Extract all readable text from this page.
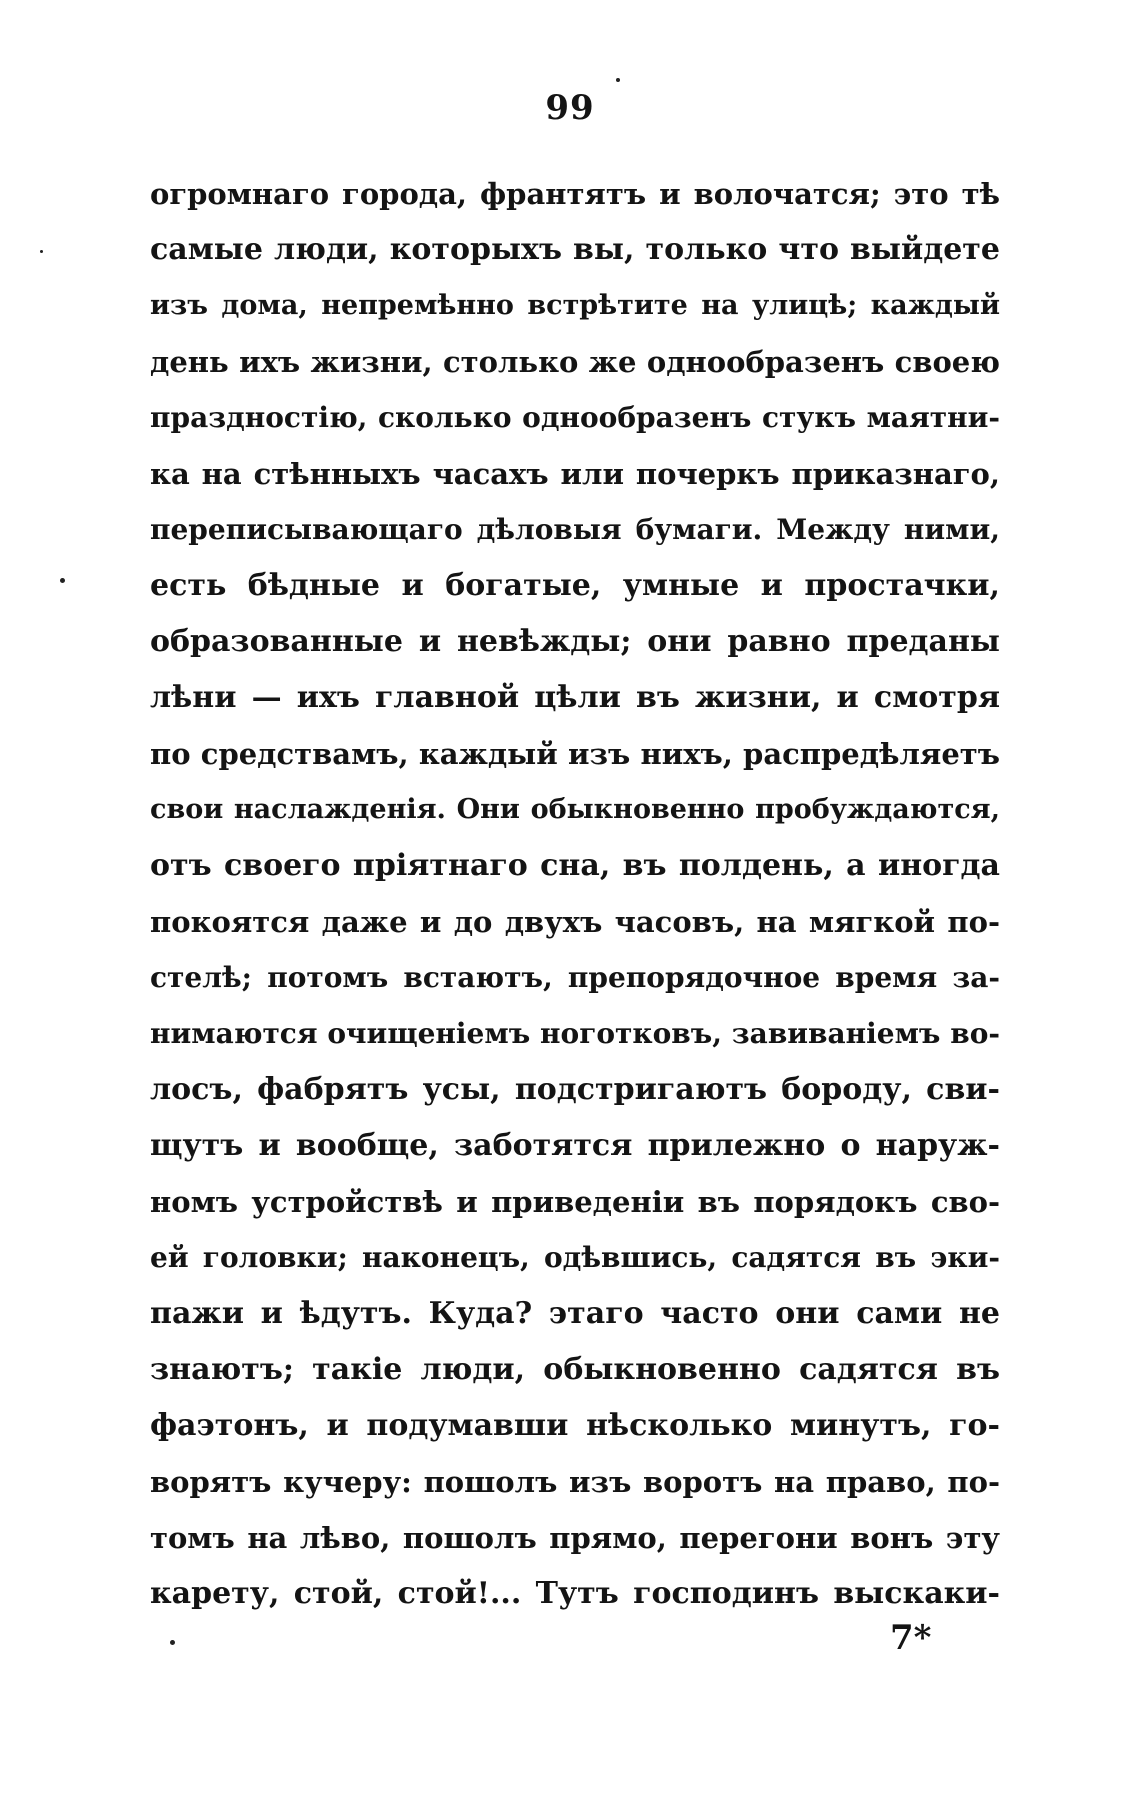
99
огромнаго города, франтятъ и волочатся; это тѣ
самые люди, которыхъ вы, только что выйдете
изъ дома, непремѣнно встрѣтите на улицѣ; каждый
день ихъ жизни, столько же однообразенъ своею
праздностію, сколько однообразенъ стукъ маятни-
ка на стѣнныхъ часахъ или почеркъ приказнаго,
переписывающаго дѣловыя бумаги. Между ними,
есть бѣдные и богатые, умные и простачки,
образованные и невѣжды; они равно преданы
лѣни — ихъ главной цѣли въ жизни, и смотря
по средствамъ, каждый изъ нихъ, распредѣляетъ
свои наслажденія. Они обыкновенно пробуждаются,
отъ своего пріятнаго сна, въ полдень, а иногда
покоятся даже и до двухъ часовъ, на мягкой по-
стелѣ; потомъ встаютъ, препорядочное время за-
нимаются очищеніемъ ноготковъ, завиваніемъ во-
лосъ, фабрятъ усы, подстригаютъ бороду, сви-
щутъ и вообще, заботятся прилежно о наруж-
номъ устройствѣ и приведеніи въ порядокъ сво-
ей головки; наконецъ, одѣвшись, садятся въ эки-
пажи и ѣдутъ. Куда? этаго часто они сами не
знаютъ; такіе люди, обыкновенно садятся въ
фаэтонъ, и подумавши нѣсколько минутъ, го-
ворятъ кучеру: пошолъ изъ воротъ на право, по-
томъ на лѣво, пошолъ прямо, перегони вонъ эту
карету, стой, стой!... Тутъ господинъ выскаки-
7*
